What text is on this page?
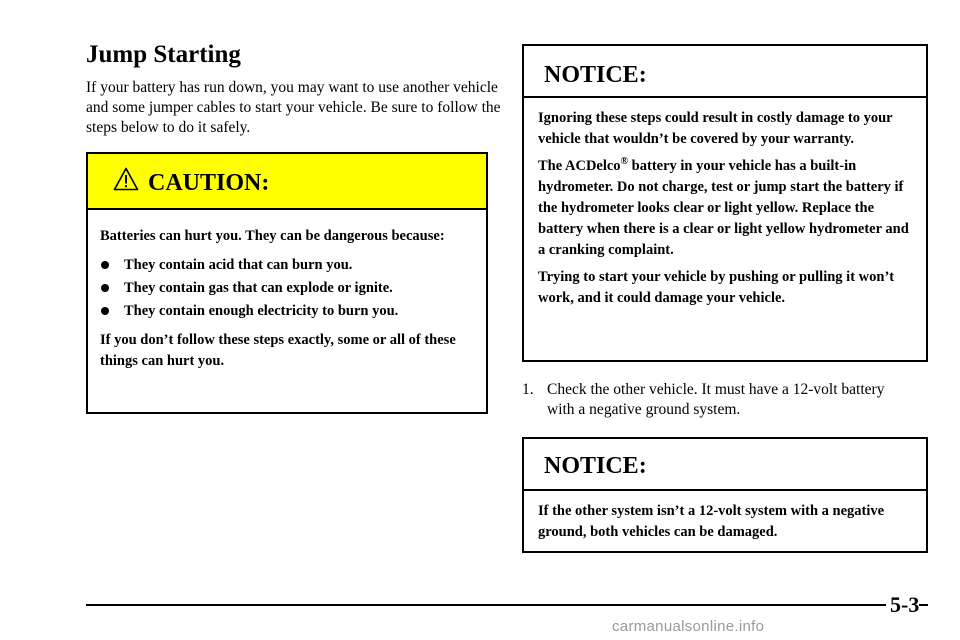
Jump Starting

If your battery has run down, you may want to use another vehicle and some jumper cables to start your vehicle. Be sure to follow the steps below to do it safely.

CAUTION:

Batteries can hurt you. They can be dangerous because:

They contain acid that can burn you.
They contain gas that can explode or ignite.
They contain enough electricity to burn you.

If you don’t follow these steps exactly, some or all of these things can hurt you.

NOTICE:

Ignoring these steps could result in costly damage to your vehicle that wouldn’t be covered by your warranty.

The ACDelco® battery in your vehicle has a built-in hydrometer. Do not charge, test or jump start the battery if the hydrometer looks clear or light yellow. Replace the battery when there is a clear or light yellow hydrometer and a cranking complaint.

Trying to start your vehicle by pushing or pulling it won’t work, and it could damage your vehicle.

1. Check the other vehicle. It must have a 12-volt battery with a negative ground system.
NOTICE:

If the other system isn’t a 12-volt system with a negative ground, both vehicles can be damaged.

5-3
carmanualsonline.info
